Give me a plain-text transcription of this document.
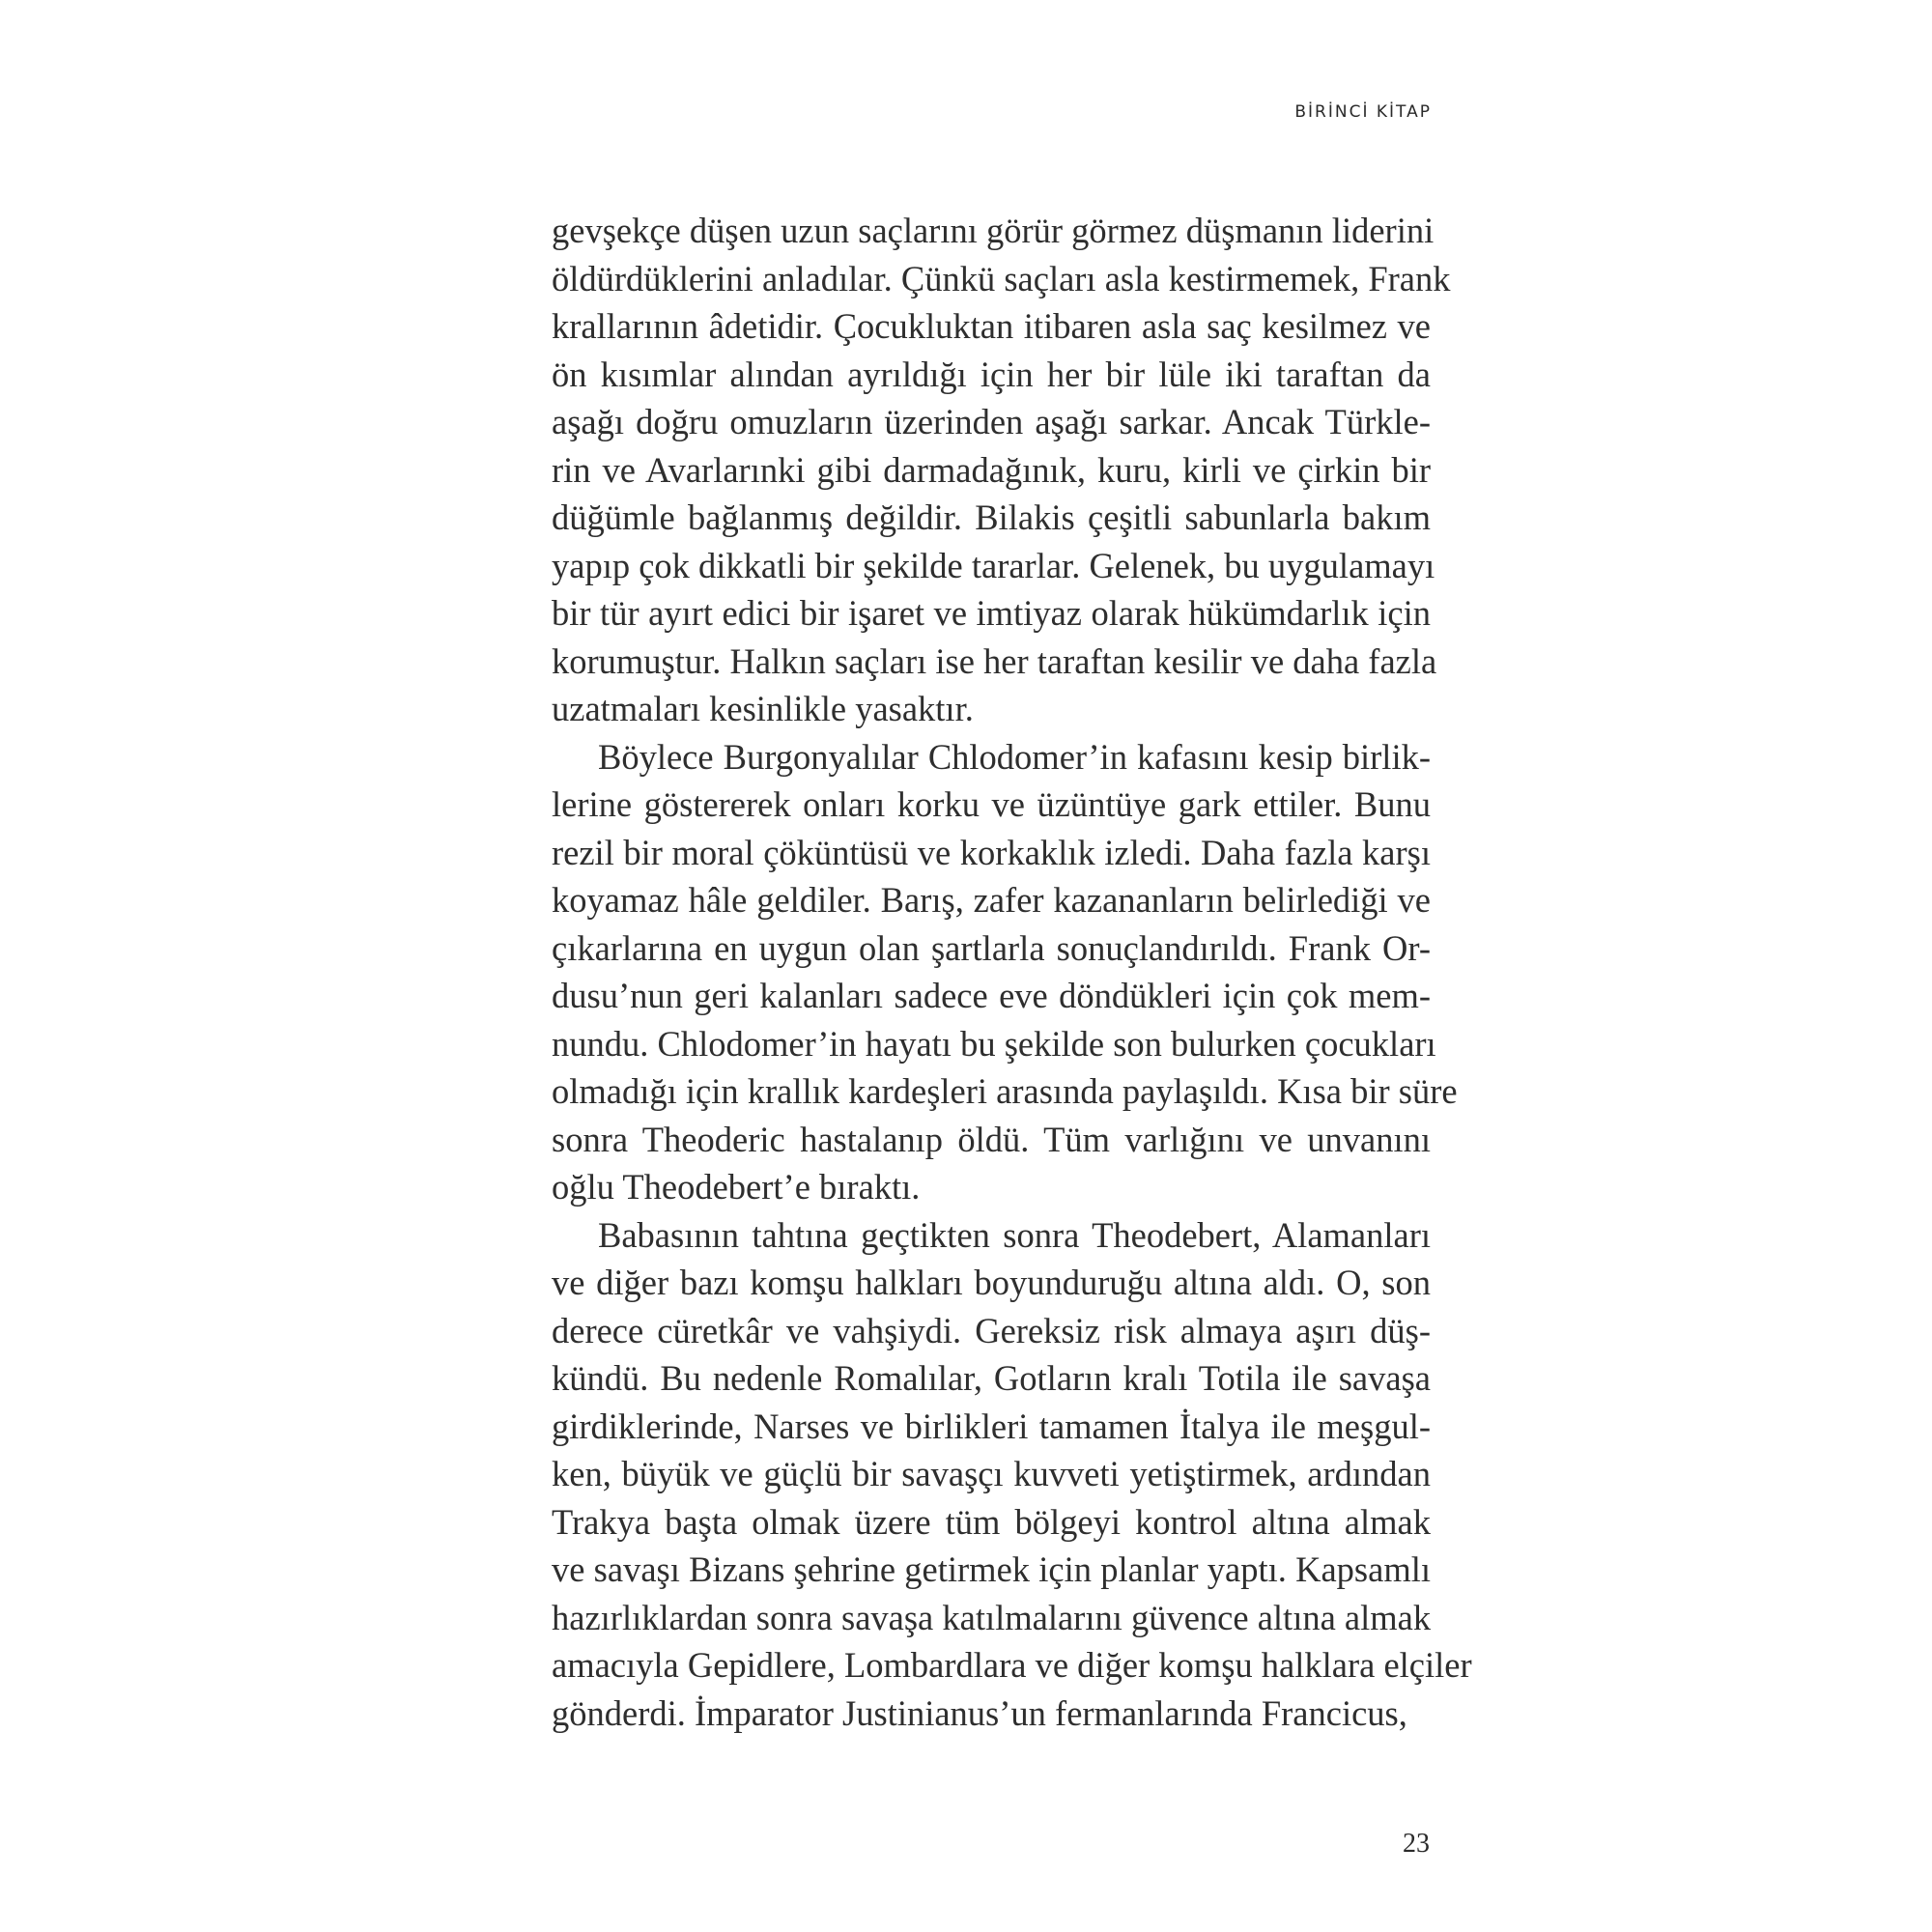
BİRİNCİ KİTAP
gevşekçe düşen uzun saçlarını görür görmez düşmanın liderini
öldürdüklerini anladılar. Çünkü saçları asla kestirmemek, Frank
krallarının âdetidir. Çocukluktan itibaren asla saç kesilmez ve
ön kısımlar alından ayrıldığı için her bir lüle iki taraftan da
aşağı doğru omuzların üzerinden aşağı sarkar. Ancak Türkle-
rin ve Avarlarınki gibi darmadağınık, kuru, kirli ve çirkin bir
düğümle bağlanmış değildir. Bilakis çeşitli sabunlarla bakım
yapıp çok dikkatli bir şekilde tararlar. Gelenek, bu uygulamayı
bir tür ayırt edici bir işaret ve imtiyaz olarak hükümdarlık için
korumuştur. Halkın saçları ise her taraftan kesilir ve daha fazla
uzatmaları kesinlikle yasaktır.
Böylece Burgonyalılar Chlodomer’in kafasını kesip birlik-
lerine göstererek onları korku ve üzüntüye gark ettiler. Bunu
rezil bir moral çöküntüsü ve korkaklık izledi. Daha fazla karşı
koyamaz hâle geldiler. Barış, zafer kazananların belirlediği ve
çıkarlarına en uygun olan şartlarla sonuçlandırıldı. Frank Or-
dusu’nun geri kalanları sadece eve döndükleri için çok mem-
nundu. Chlodomer’in hayatı bu şekilde son bulurken çocukları
olmadığı için krallık kardeşleri arasında paylaşıldı. Kısa bir süre
sonra Theoderic hastalanıp öldü. Tüm varlığını ve unvanını
oğlu Theodebert’e bıraktı.
Babasının tahtına geçtikten sonra Theodebert, Alamanları
ve diğer bazı komşu halkları boyunduruğu altına aldı. O, son
derece cüretkâr ve vahşiydi. Gereksiz risk almaya aşırı düş-
kündü. Bu nedenle Romalılar, Gotların kralı Totila ile savaşa
girdiklerinde, Narses ve birlikleri tamamen İtalya ile meşgul-
ken, büyük ve güçlü bir savaşçı kuvveti yetiştirmek, ardından
Trakya başta olmak üzere tüm bölgeyi kontrol altına almak
ve savaşı Bizans şehrine getirmek için planlar yaptı. Kapsamlı
hazırlıklardan sonra savaşa katılmalarını güvence altına almak
amacıyla Gepidlere, Lombardlara ve diğer komşu halklara elçiler
gönderdi. İmparator Justinianus’un fermanlarında Francicus,
23
